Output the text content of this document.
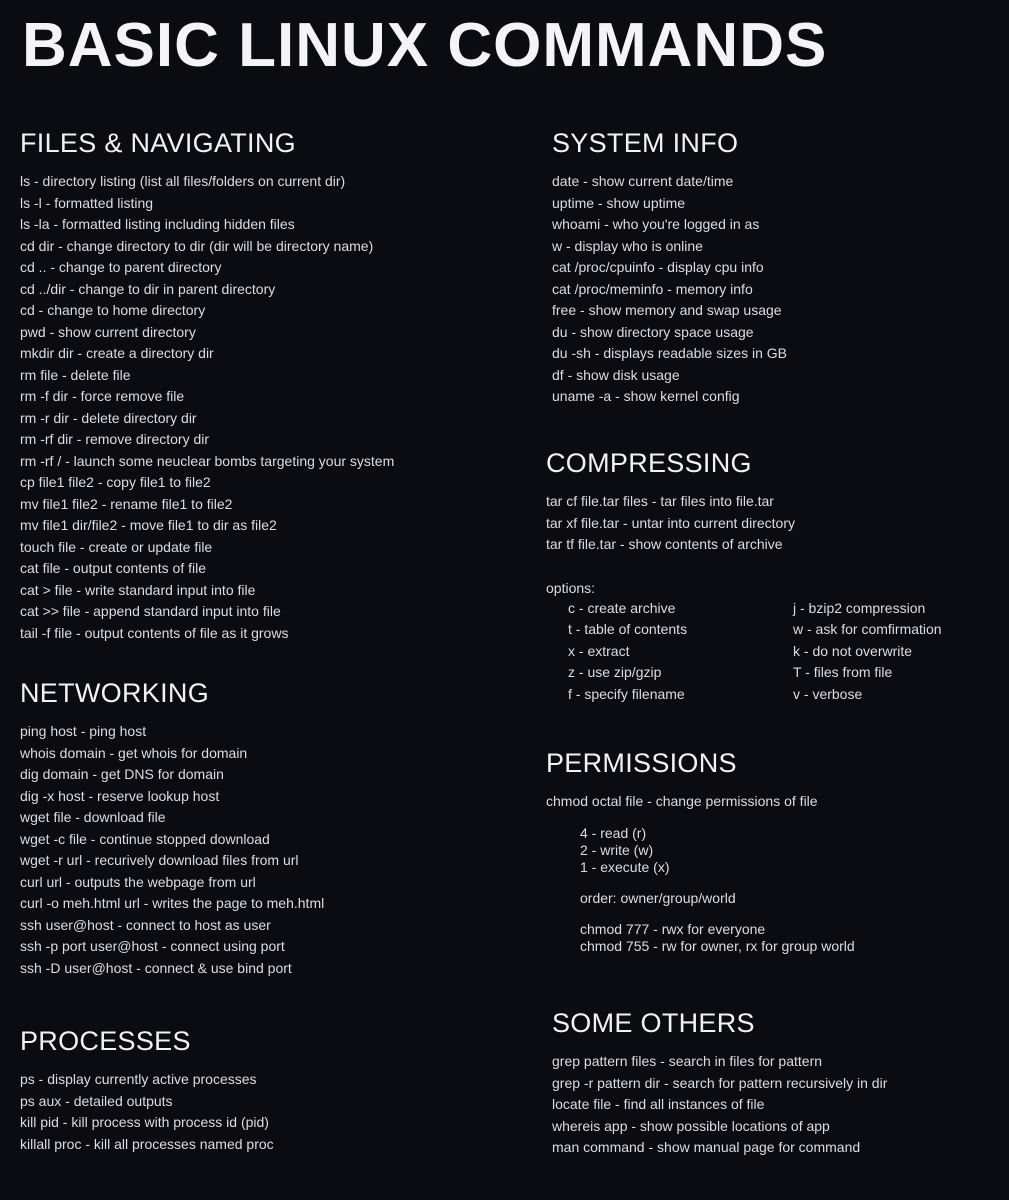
BASIC LINUX COMMANDS
FILES & NAVIGATING
ls - directory listing (list all files/folders on current dir)
ls -l - formatted listing
ls -la - formatted listing including hidden files
cd dir - change directory to dir (dir will be directory name)
cd .. - change to parent directory
cd ../dir - change to dir in parent directory
cd - change to home directory
pwd - show current directory
mkdir dir - create a directory dir
rm file - delete file
rm -f dir - force remove file
rm -r dir - delete directory dir
rm -rf dir - remove directory dir
rm -rf / - launch some neuclear bombs targeting your system
cp file1 file2 - copy file1 to file2
mv file1 file2 - rename file1 to file2
mv file1 dir/file2 - move file1 to dir as file2
touch file - create or update file
cat file - output contents of file
cat > file - write standard input into file
cat >> file - append standard input into file
tail -f file - output contents of file as it grows
NETWORKING
ping host - ping host
whois domain - get whois for domain
dig domain - get DNS for domain
dig -x host - reserve lookup host
wget file - download file
wget -c file - continue stopped download
wget -r url - recurively download files from url
curl url - outputs the webpage from url
curl -o meh.html url - writes the page to meh.html
ssh user@host - connect to host as user
ssh -p port user@host - connect using port
ssh -D user@host - connect & use bind port
PROCESSES
ps - display currently active processes
ps aux - detailed outputs
kill pid - kill process with process id (pid)
killall proc - kill all processes named proc
SYSTEM INFO
date - show current date/time
uptime - show uptime
whoami - who you're logged in as
w - display who is online
cat /proc/cpuinfo - display cpu info
cat /proc/meminfo - memory info
free - show memory and swap usage
du - show directory space usage
du -sh - displays readable sizes in GB
df - show disk usage
uname -a - show kernel config
COMPRESSING
tar cf file.tar files - tar files into file.tar
tar xf file.tar - untar into current directory
tar tf file.tar - show contents of archive
options:
c - create archive	j - bzip2 compression
t - table of contents	w - ask for comfirmation
x - extract	k - do not overwrite
z - use zip/gzip	T - files from file
f - specify filename	v - verbose
PERMISSIONS
chmod octal file - change permissions of file
4 - read (r)
2 - write (w)
1 - execute (x)

order: owner/group/world

chmod 777 - rwx for everyone

chmod 755 - rw for owner, rx for group world

SOME OTHERS
grep pattern files - search in files for pattern
grep -r pattern dir - search for pattern recursively in dir
locate file - find all instances of file
whereis app - show possible locations of app
man command - show manual page for command
